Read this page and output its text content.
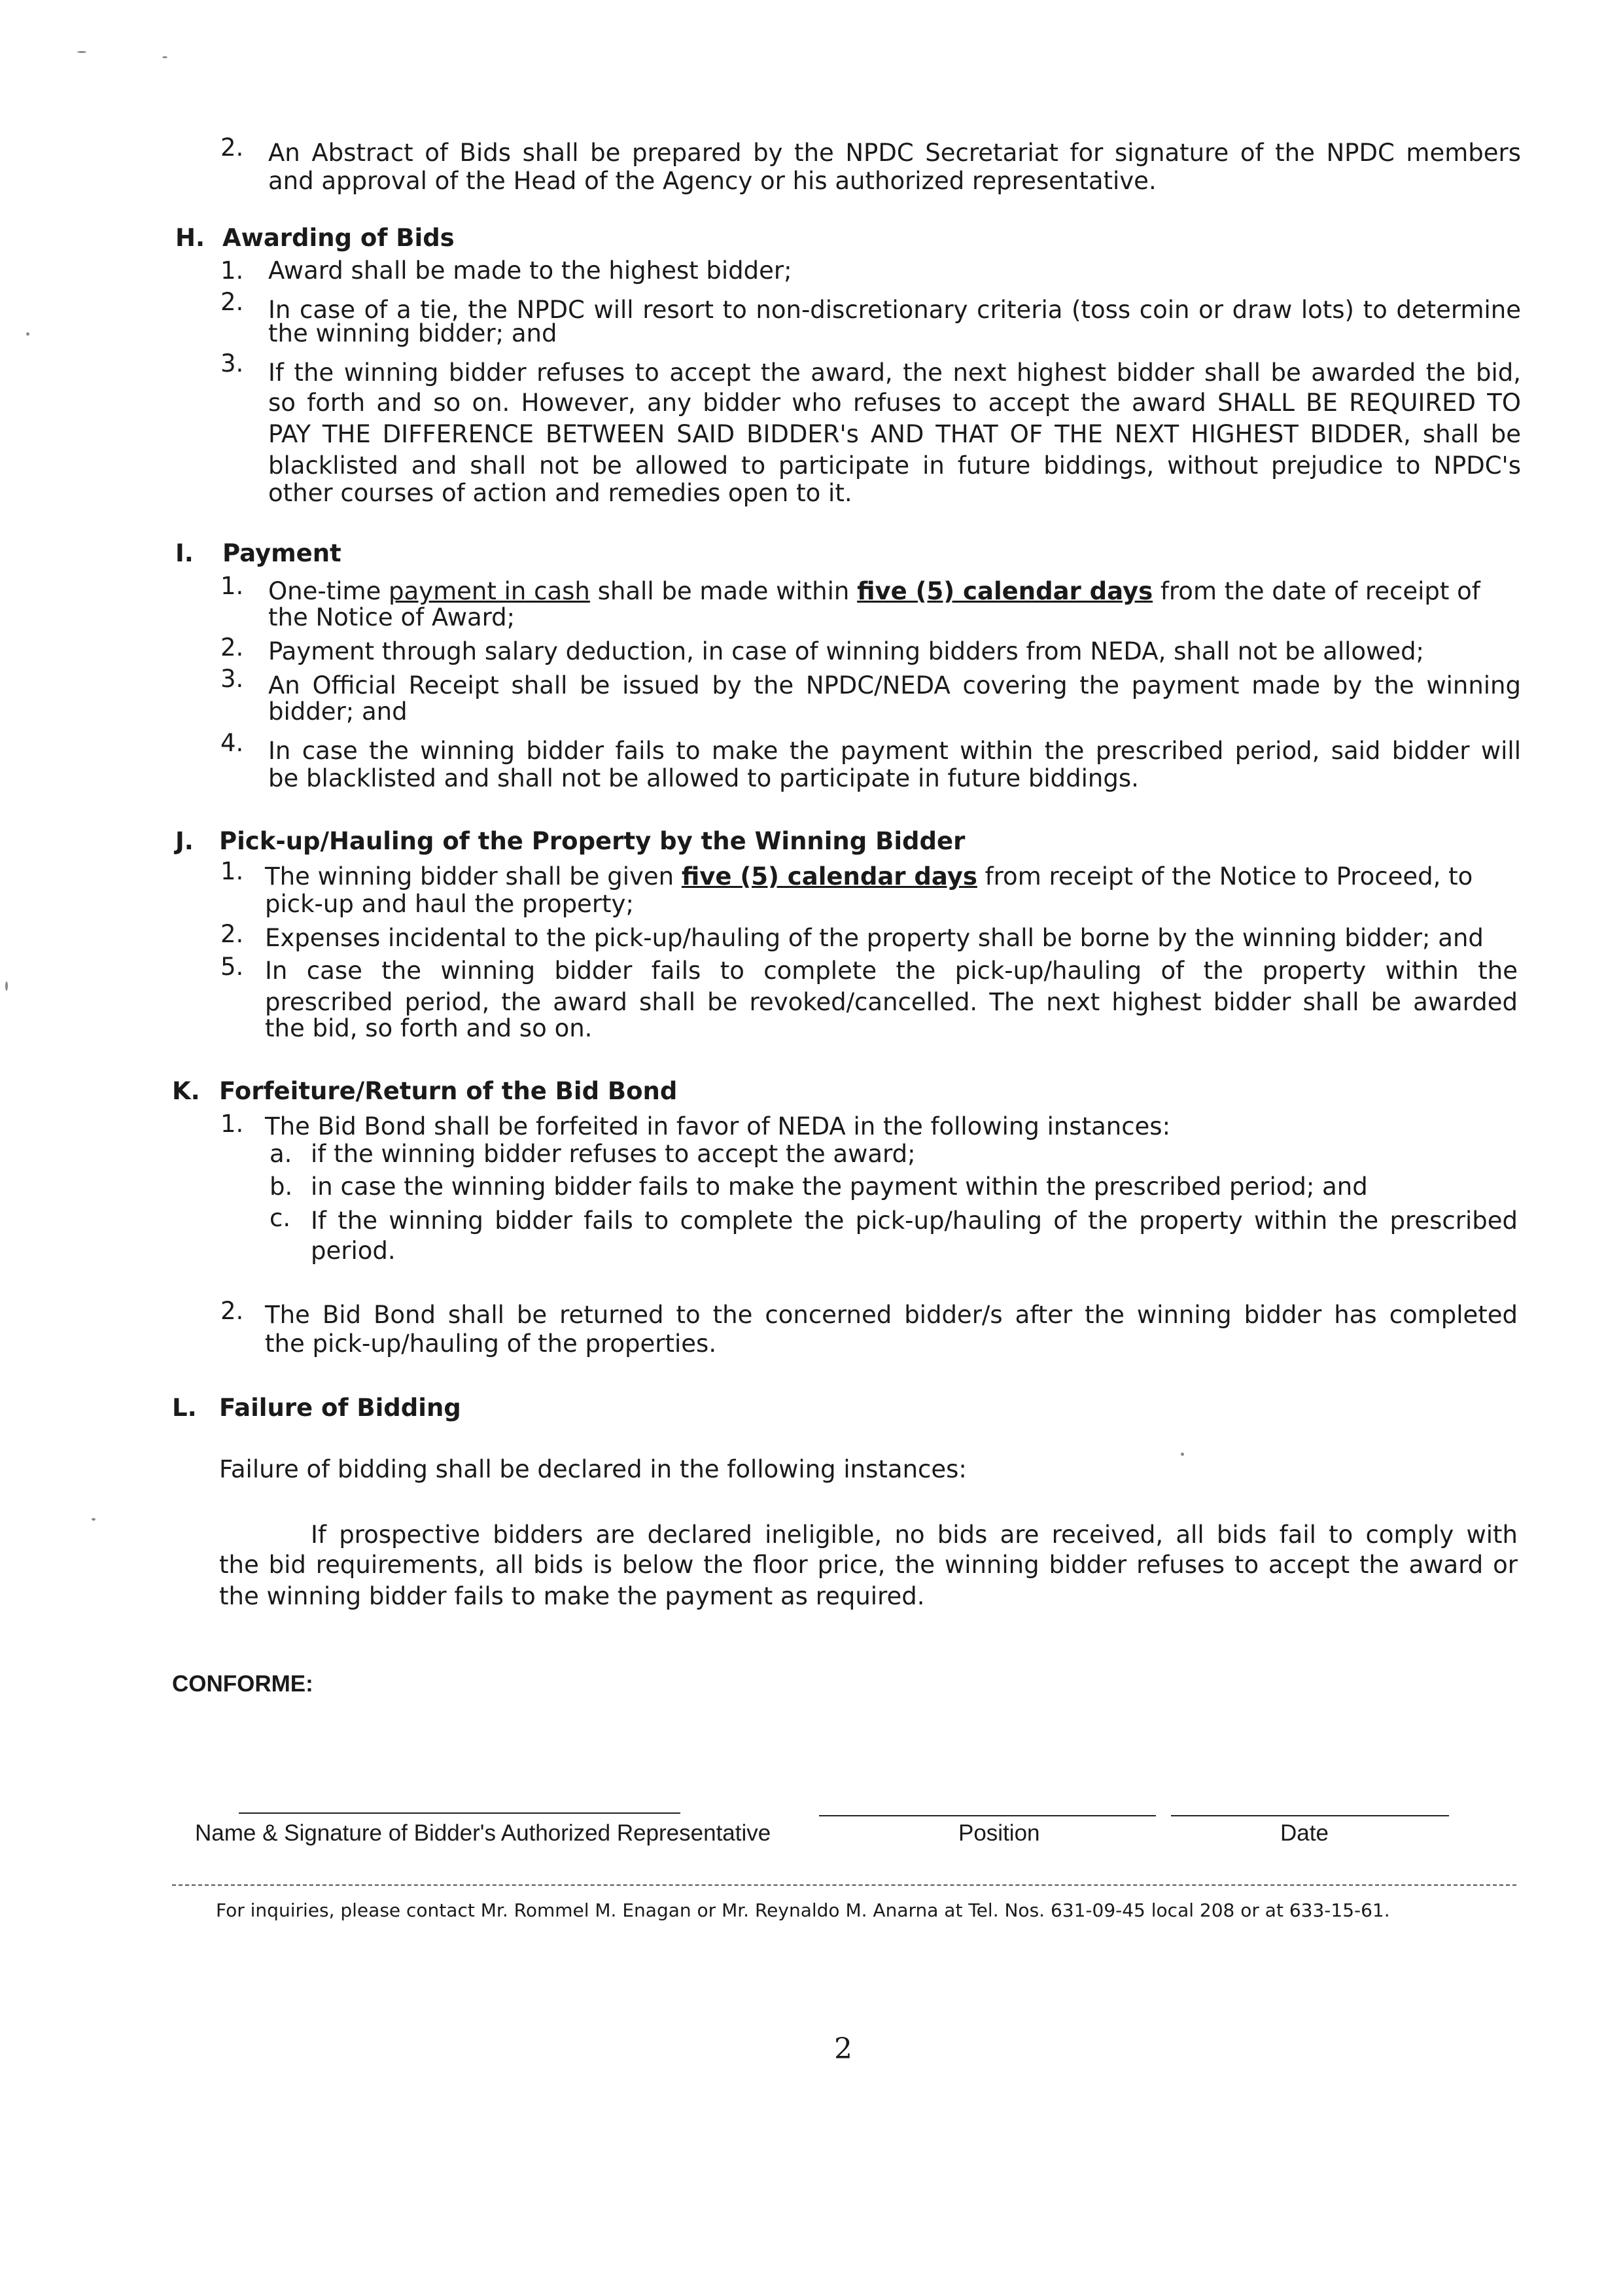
2. An Abstract of Bids shall be prepared by the NPDC Secretariat for signature of the NPDC members
and approval of the Head of the Agency or his authorized representative.
H. Awarding of Bids
1. Award shall be made to the highest bidder;
2. In case of a tie, the NPDC will resort to non-discretionary criteria (toss coin or draw lots) to determine
the winning bidder; and
3. If the winning bidder refuses to accept the award, the next highest bidder shall be awarded the bid,
so forth and so on. However, any bidder who refuses to accept the award SHALL BE REQUIRED TO
PAY THE DIFFERENCE BETWEEN SAID BIDDER's AND THAT OF THE NEXT HIGHEST BIDDER, shall be
blacklisted and shall not be allowed to participate in future biddings, without prejudice to NPDC's
other courses of action and remedies open to it.
I. Payment
1. One-time payment in cash shall be made within five (5) calendar days from the date of receipt of
the Notice of Award;
2. Payment through salary deduction, in case of winning bidders from NEDA, shall not be allowed;
3. An Official Receipt shall be issued by the NPDC/NEDA covering the payment made by the winning
bidder; and
4. In case the winning bidder fails to make the payment within the prescribed period, said bidder will
be blacklisted and shall not be allowed to participate in future biddings.
J. Pick-up/Hauling of the Property by the Winning Bidder
1. The winning bidder shall be given five (5) calendar days from receipt of the Notice to Proceed, to
pick-up and haul the property;
2. Expenses incidental to the pick-up/hauling of the property shall be borne by the winning bidder; and
5. In case the winning bidder fails to complete the pick-up/hauling of the property within the
prescribed period, the award shall be revoked/cancelled. The next highest bidder shall be awarded
the bid, so forth and so on.
K. Forfeiture/Return of the Bid Bond
1. The Bid Bond shall be forfeited in favor of NEDA in the following instances:
a. if the winning bidder refuses to accept the award;
b. in case the winning bidder fails to make the payment within the prescribed period; and
c. If the winning bidder fails to complete the pick-up/hauling of the property within the prescribed
period.
2. The Bid Bond shall be returned to the concerned bidder/s after the winning bidder has completed
the pick-up/hauling of the properties.
L. Failure of Bidding
Failure of bidding shall be declared in the following instances:
If prospective bidders are declared ineligible, no bids are received, all bids fail to comply with
the bid requirements, all bids is below the floor price, the winning bidder refuses to accept the award or
the winning bidder fails to make the payment as required.
CONFORME:
Name & Signature of Bidder's Authorized Representative	Position	Date
For inquiries, please contact Mr. Rommel M. Enagan or Mr. Reynaldo M. Anarna at Tel. Nos. 631-09-45 local 208 or at 633-15-61.
2
